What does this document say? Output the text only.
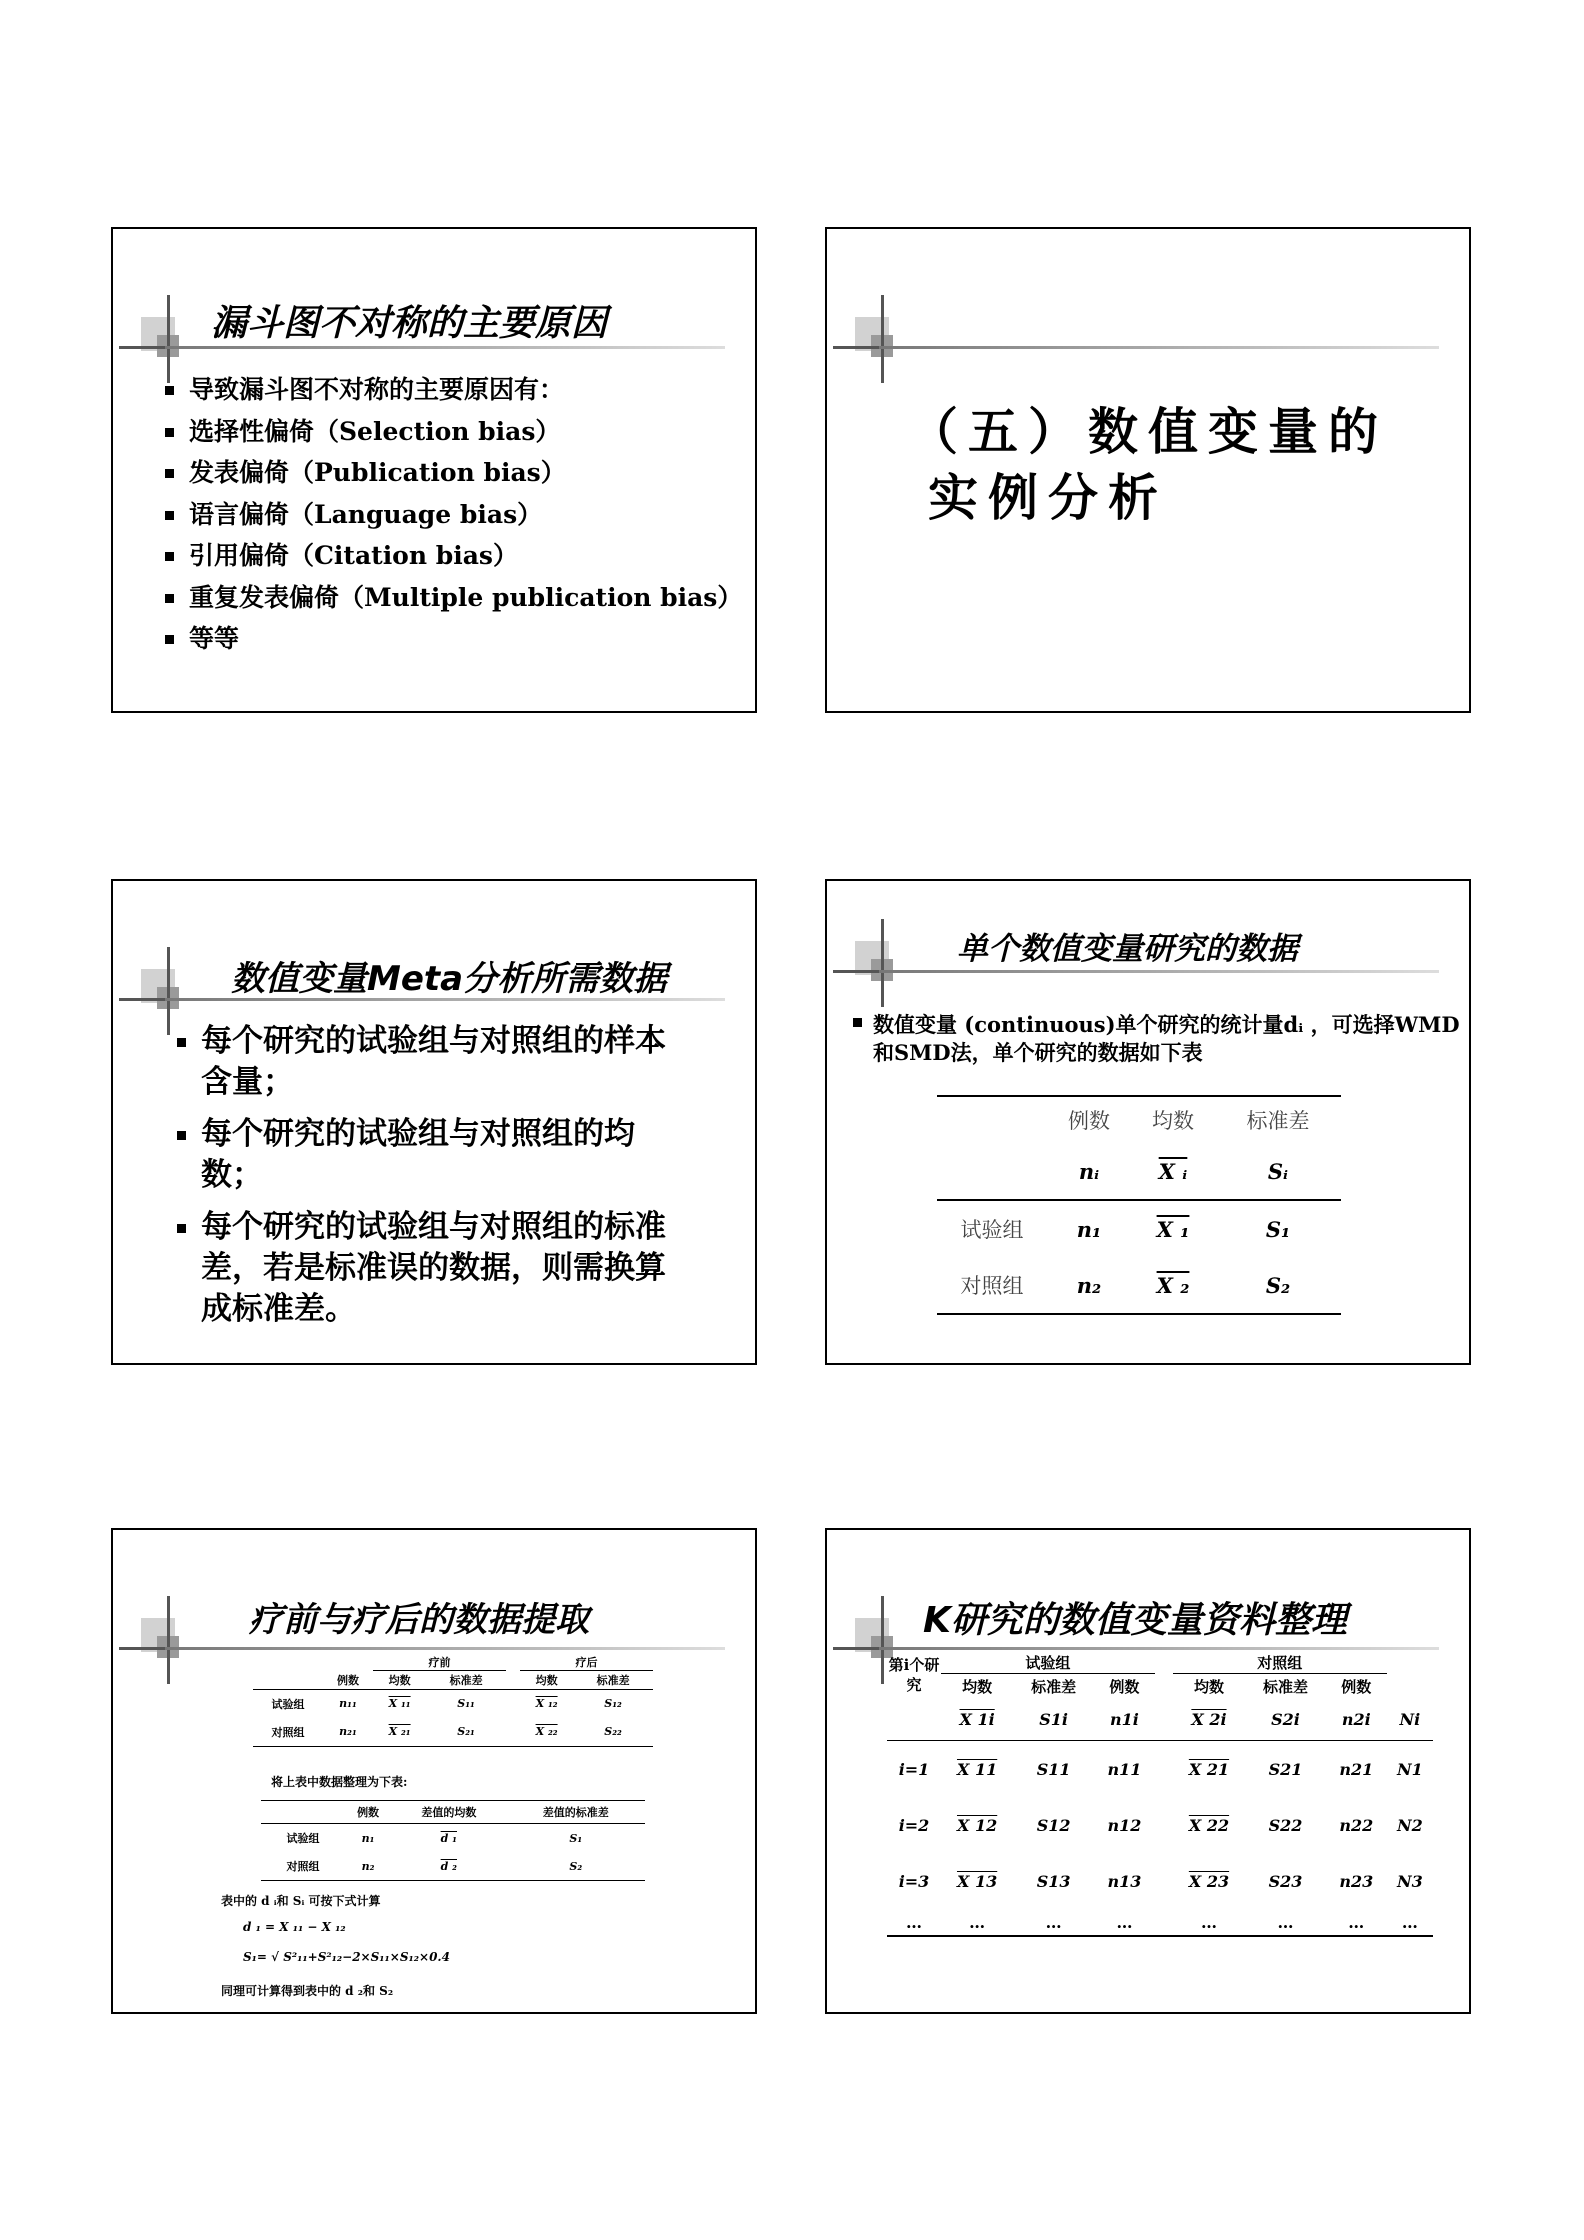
漏斗图不对称的主要原因
导致漏斗图不对称的主要原因有：
选择性偏倚（Selection bias）
发表偏倚（Publication bias）
语言偏倚（Language bias）
引用偏倚（Citation bias）
重复发表偏倚（Multiple publication bias）
等等
（五）数值变量的
实例分析
数值变量Meta分析所需数据
每个研究的试验组与对照组的样本含量；
每个研究的试验组与对照组的均数；
每个研究的试验组与对照组的标准差，若是标准误的数据，则需换算成标准差。
单个数值变量研究的数据
数值变量 (continuous)单个研究的统计量dᵢ ，可选择WMD和SMD法，单个研究的数据如下表
	例数	均数	标准差
	nᵢ	X ᵢ	Sᵢ
试验组	n₁	X ₁	S₁
对照组	n₂	X ₂	S₂
疗前与疗后的数据提取
		疗前			疗后	
	例数	均数	标准差		均数	标准差
试验组	n₁₁	X ₁₁	S₁₁		X ₁₂	S₁₂
对照组	n₂₁	X ₂₁	S₂₁		X ₂₂	S₂₂
将上表中数据整理为下表:
	例数	差值的均数	差值的标准差
试验组	n₁	d ₁	S₁
对照组	n₂	d ₂	S₂
表中的 d ᵢ和 Sᵢ 可按下式计算
d ₁ = X ₁₁ − X ₁₂
S₁= √ S²₁₁+S²₁₂−2×S₁₁×S₁₂×0.4
同理可计算得到表中的 d ₂和 S₂
K研究的数值变量资料整理
第i个研究	试验组				对照组			
	均数	标准差	例数		均数	标准差	例数	
	X 1i	S1i	n1i		X 2i	S2i	n2i	Ni
i=1	X 11	S11	n11		X 21	S21	n21	N1
i=2	X 12	S12	n12		X 22	S22	n22	N2
i=3	X 13	S13	n13		X 23	S23	n23	N3
…	…	…	…		…	…	…	…
